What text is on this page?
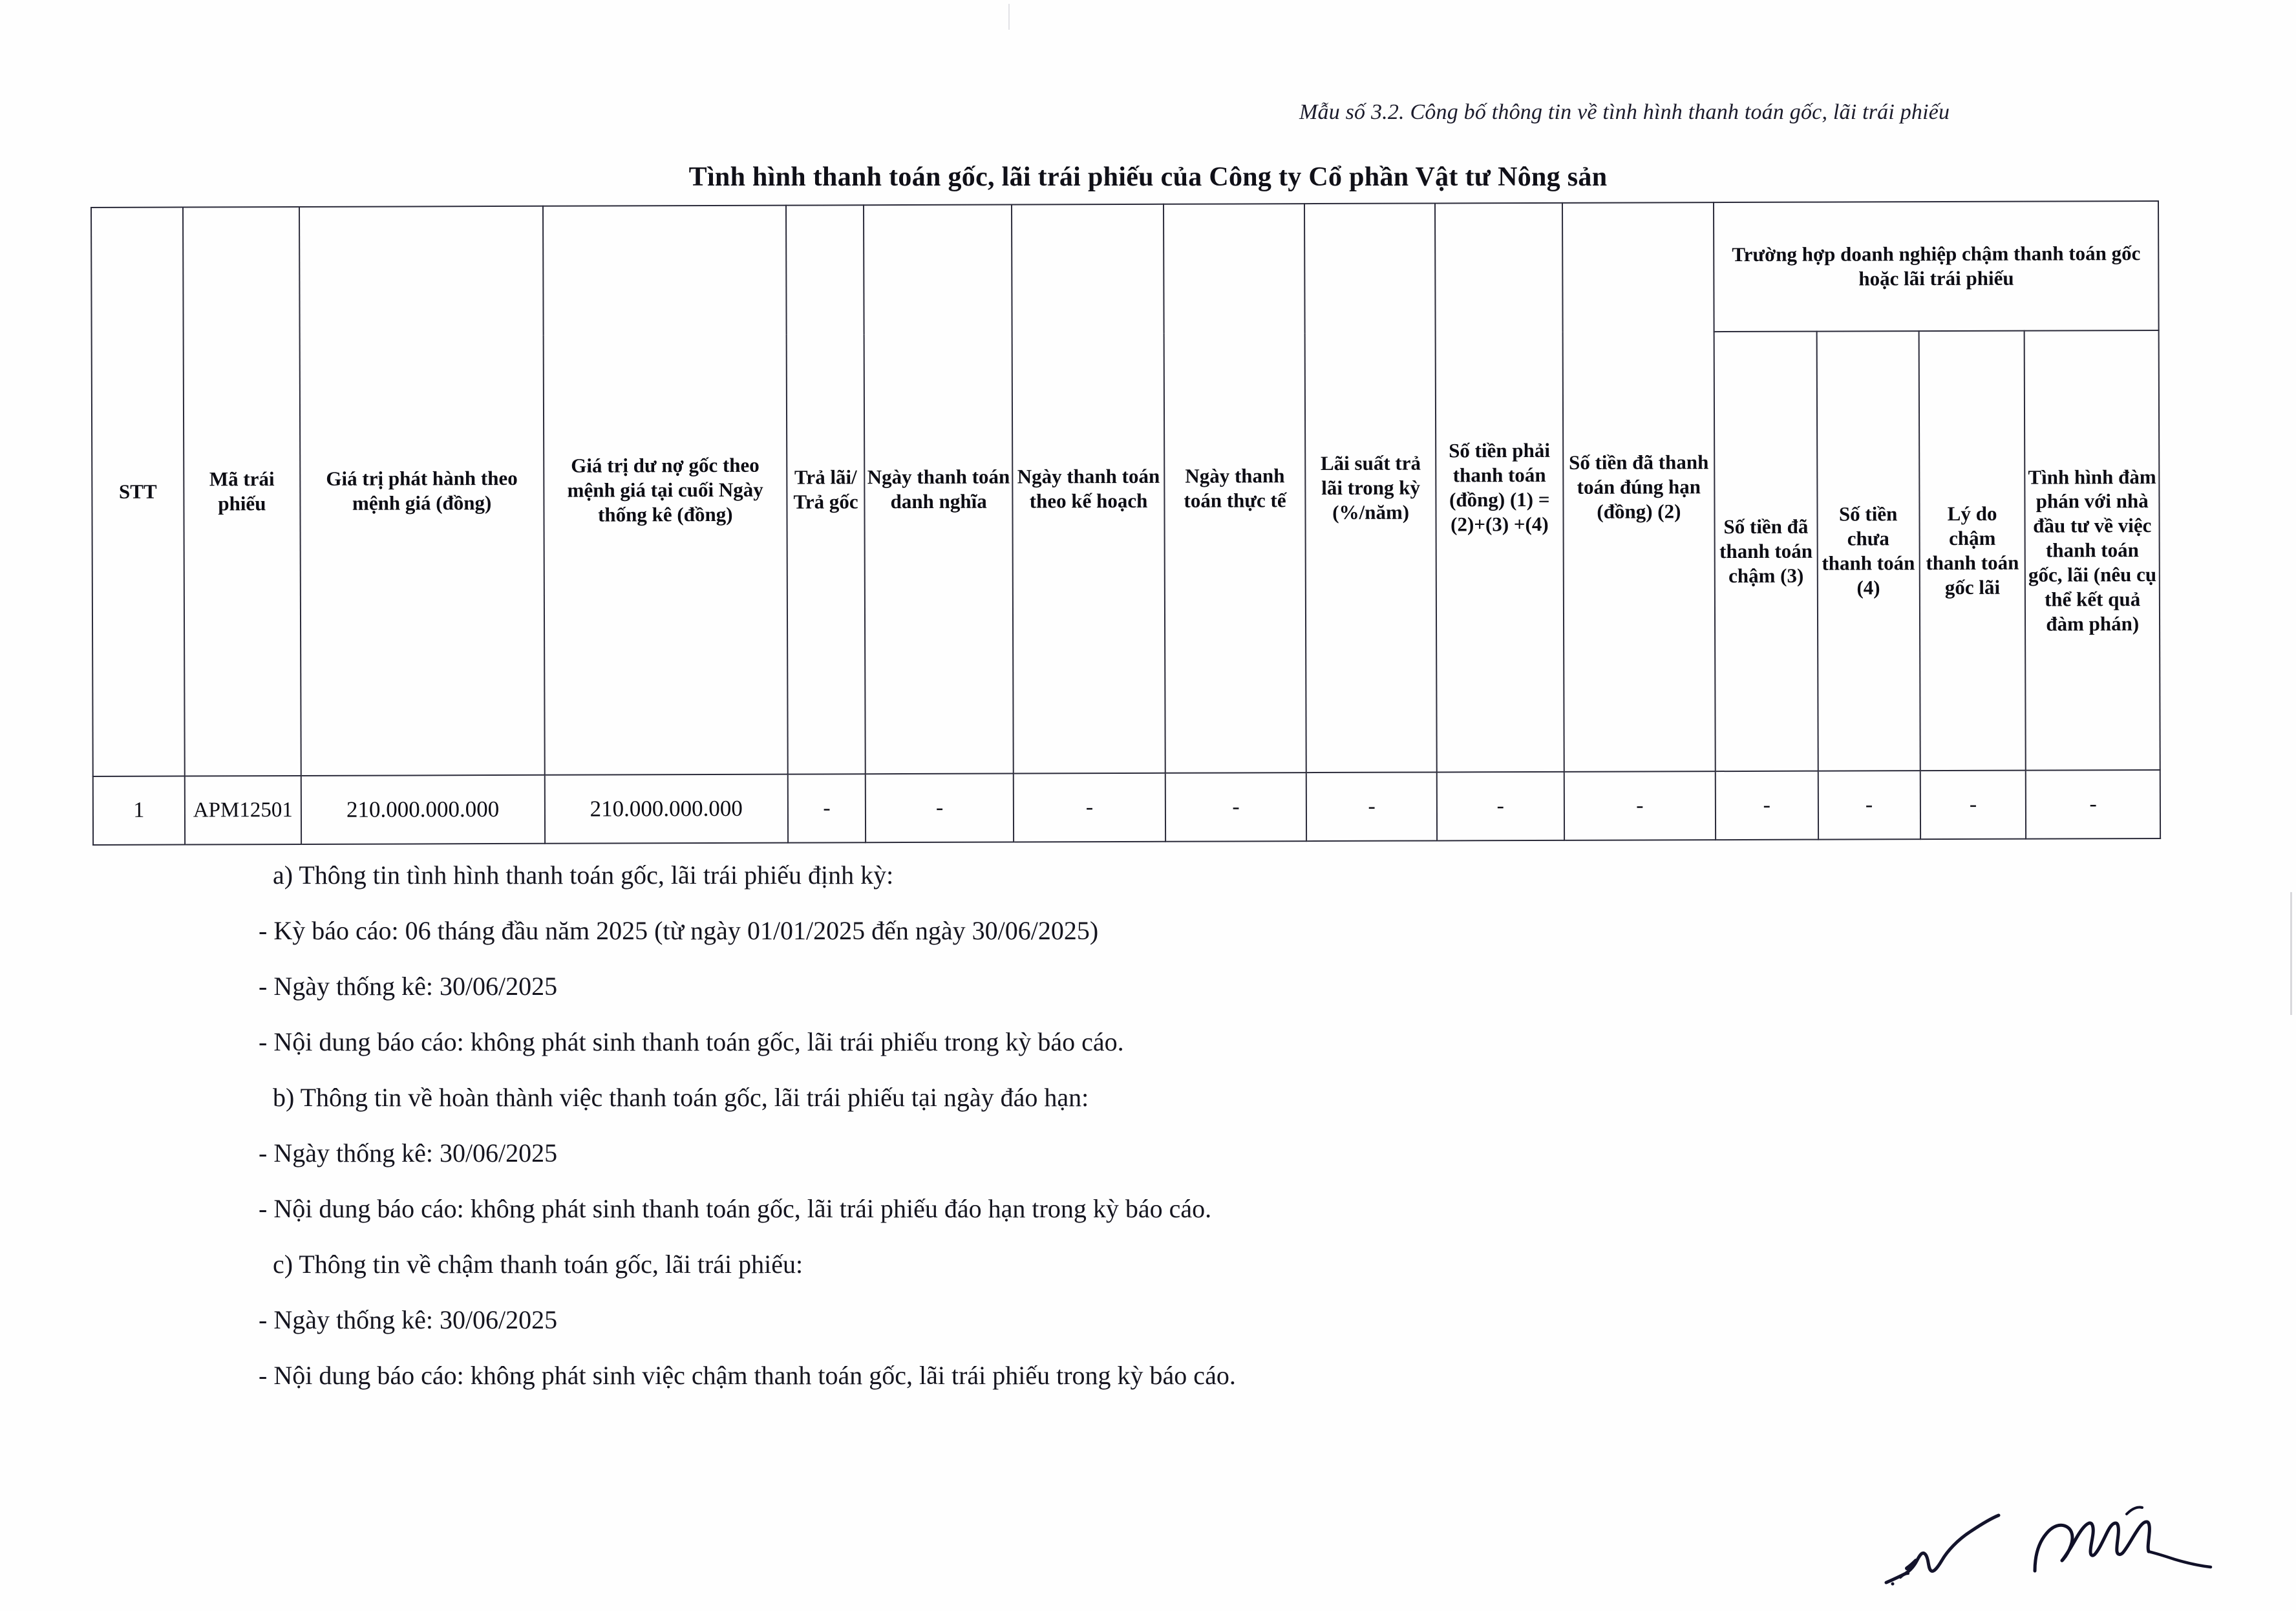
Mẫu số 3.2. Công bố thông tin về tình hình thanh toán gốc, lãi trái phiếu
Tình hình thanh toán gốc, lãi trái phiếu của Công ty Cổ phần Vật tư Nông sản
STT	Mã trái phiếu	Giá trị phát hành theo mệnh giá (đồng)	Giá trị dư nợ gốc theo mệnh giá tại cuối Ngày thống kê (đồng)	Trả lãi/ Trả gốc	Ngày thanh toán danh nghĩa	Ngày thanh toán theo kế hoạch	Ngày thanh toán thực tế	Lãi suất trả lãi trong kỳ (%/năm)	Số tiền phải thanh toán (đồng) (1) = (2)+(3) +(4)	Số tiền đã thanh toán đúng hạn (đồng) (2)	Trường hợp doanh nghiệp chậm thanh toán gốc hoặc lãi trái phiếu			
											Số tiền đã thanh toán chậm (3)	Số tiền chưa thanh toán (4)	Lý do chậm thanh toán gốc lãi	Tình hình đàm phán với nhà đầu tư về việc thanh toán gốc, lãi (nêu cụ thể kết quả đàm phán)
1	APM12501	210.000.000.000	210.000.000.000	-	-	-	-	-	-	-	-	-	-	-

a) Thông tin tình hình thanh toán gốc, lãi trái phiếu định kỳ:

- Kỳ báo cáo: 06 tháng đầu năm 2025 (từ ngày 01/01/2025 đến ngày 30/06/2025)

- Ngày thống kê: 30/06/2025

- Nội dung báo cáo: không phát sinh thanh toán gốc, lãi trái phiếu trong kỳ báo cáo.

b) Thông tin về hoàn thành việc thanh toán gốc, lãi trái phiếu tại ngày đáo hạn:

- Ngày thống kê: 30/06/2025

- Nội dung báo cáo: không phát sinh thanh toán gốc, lãi trái phiếu đáo hạn trong kỳ báo cáo.

c) Thông tin về chậm thanh toán gốc, lãi trái phiếu:

- Ngày thống kê: 30/06/2025

- Nội dung báo cáo: không phát sinh việc chậm thanh toán gốc, lãi trái phiếu trong kỳ báo cáo.
